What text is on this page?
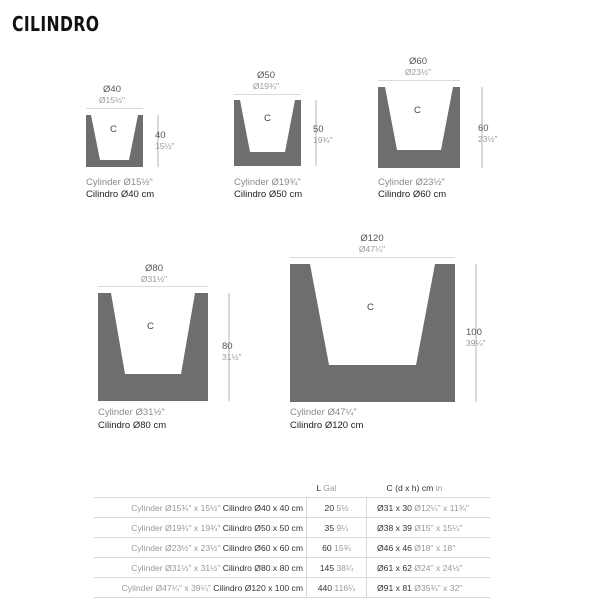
CILINDRO
Ø40
Ø15½"
C
40
15½"
Cylinder Ø15½"
Cilindro Ø40 cm
Ø50
Ø19¾"
C
50
19¾"
Cylinder Ø19¾"
Cilindro Ø50 cm
Ø60
Ø23½"
C
60
23½"
Cylinder Ø23½"
Cilindro Ø60 cm
Ø80
Ø31½"
C
80
31½"
Cylinder Ø31½"
Cilindro Ø80 cm
Ø120
Ø47¼"
C
100
39¼"
Cylinder Ø47¼"
Cilindro Ø120 cm
	L Gal	C (d x h) cm in
Cylinder Ø15¾" x 15½" Cilindro Ø40 x 40 cm	20 5½	Ø31 x 30 Ø12¼" x 11¾"
Cylinder Ø19¾" x 19¾" Cilindro Ø50 x 50 cm	35 9¼	Ø38 x 39 Ø15" x 15¼"
Cylinder Ø23½" x 23½" Cilindro Ø60 x 60 cm	60 15¾	Ø46 x 46 Ø18" x 18"
Cylinder Ø31½" x 31½" Cilindro Ø80 x 80 cm	145 38¼	Ø61 x 62 Ø24" x 24½"
Cylinder Ø47¼" x 39¼" Cilindro Ø120 x 100 cm	440 116¼	Ø91 x 81 Ø35¾" x 32"
